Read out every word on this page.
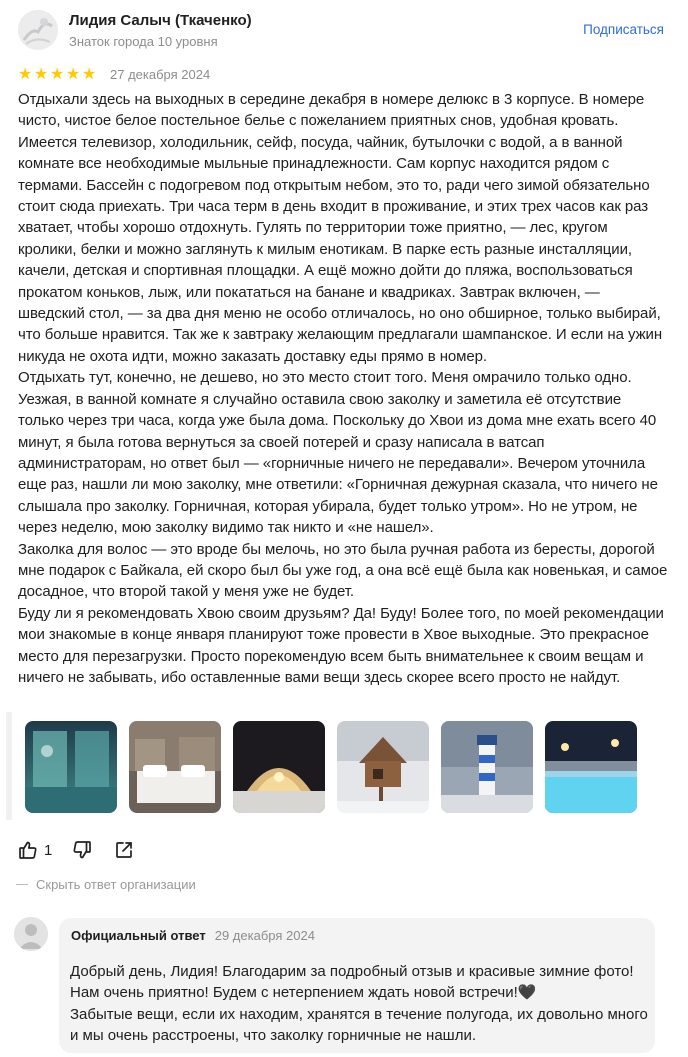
Лидия Салыч (Ткаченко)
Знаток города 10 уровня
Подписаться
★ ★ ★ ★ ★ 27 декабря 2024
Отдыхали здесь на выходных в середине декабря в номере делюкс в 3 корпусе. В номере чисто, чистое белое постельное белье с пожеланием приятных снов, удобная кровать. Имеется телевизор, холодильник, сейф, посуда, чайник, бутылочки с водой, а в ванной комнате все необходимые мыльные принадлежности. Сам корпус находится рядом с термами. Бассейн с подогревом под открытым небом, это то, ради чего зимой обязательно стоит сюда приехать. Три часа терм в день входит в проживание, и этих трех часов как раз хватает, чтобы хорошо отдохнуть. Гулять по территории тоже приятно, — лес, кругом кролики, белки и можно заглянуть к милым енотикам. В парке есть разные инсталляции, качели, детская и спортивная площадки. А ещё можно дойти до пляжа, воспользоваться прокатом коньков, лыж, или покататься на банане и квадриках. Завтрак включен, — шведский стол, — за два дня меню не особо отличалось, но оно обширное, только выбирай, что больше нравится. Так же к завтраку желающим предлагали шампанское. И если на ужин никуда не охота идти, можно заказать доставку еды прямо в номер.
Отдыхать тут, конечно, не дешево, но это место стоит того. Меня омрачило только одно. Уезжая, в ванной комнате я случайно оставила свою заколку и заметила её отсутствие только через три часа, когда уже была дома. Поскольку до Хвои из дома мне ехать всего 40 минут, я была готова вернуться за своей потерей и сразу написала в ватсап администраторам, но ответ был — «горничные ничего не передавали». Вечером уточнила еще раз, нашли ли мою заколку, мне ответили: «Горничная дежурная сказала, что ничего не слышала про заколку. Горничная, которая убирала, будет только утром». Но не утром, не через неделю, мою заколку видимо так никто и «не нашел».
Заколка для волос — это вроде бы мелочь, но это была ручная работа из бересты, дорогой мне подарок с Байкала, ей скоро был бы уже год, а она всё ещё была как новенькая, и самое досадное, что второй такой у меня уже не будет.
Буду ли я рекомендовать Хвою своим друзьям? Да! Буду! Более того, по моей рекомендации мои знакомые в конце января планируют тоже провести в Хвое выходные. Это прекрасное место для перезагрузки. Просто порекомендую всем быть внимательнее к своим вещам и ничего не забывать, ибо оставленные вами вещи здесь скорее всего просто не найдут.
1
Скрыть ответ организации
Официальный ответ 29 декабря 2024
Добрый день, Лидия! Благодарим за подробный отзыв и красивые зимние фото! Нам очень приятно! Будем с нетерпением ждать новой встречи!🖤
Забытые вещи, если их находим, хранятся в течение полугода, их довольно много и мы очень расстроены, что заколку горничные не нашли.
